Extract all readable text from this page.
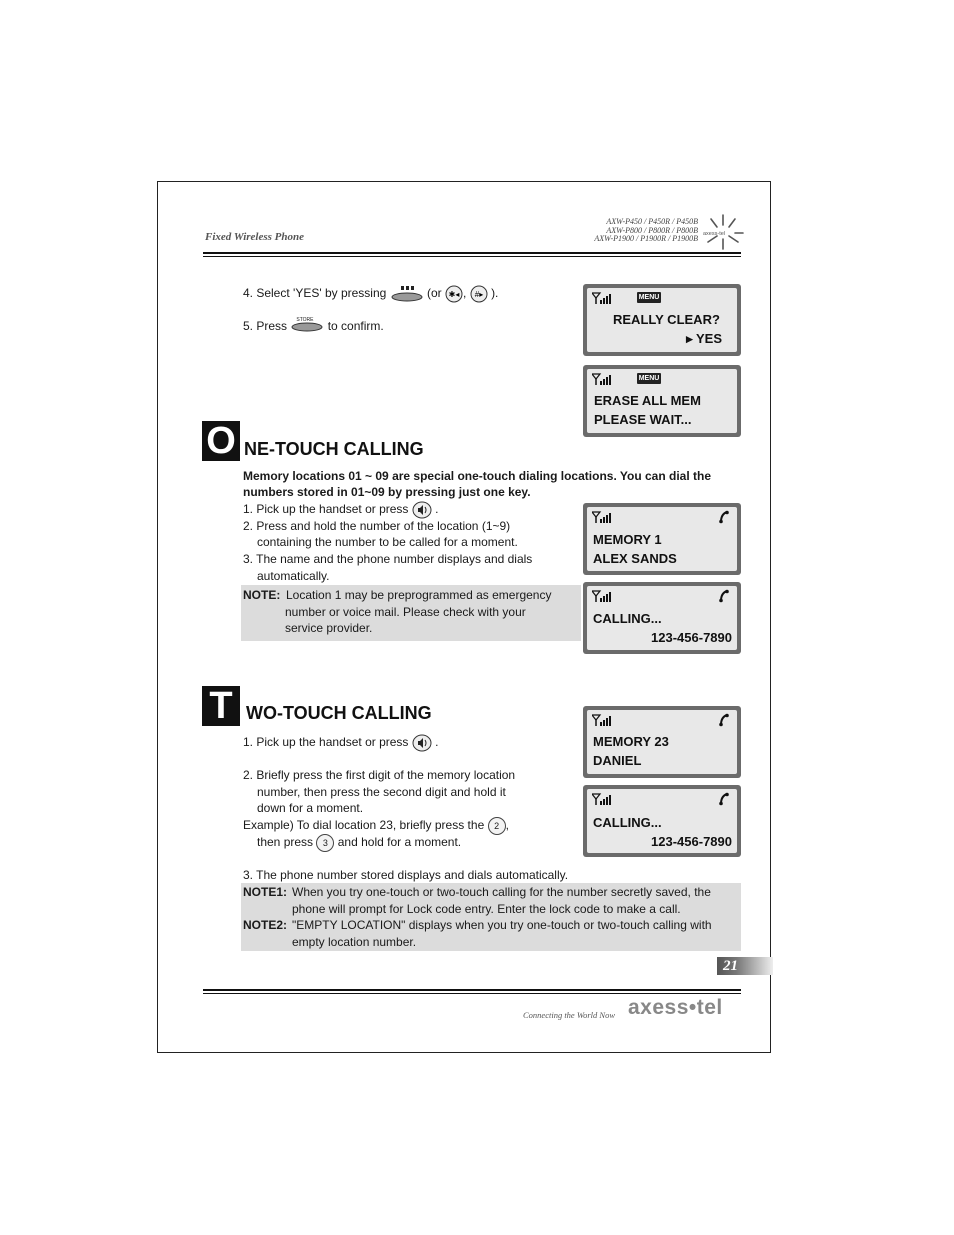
Fixed Wireless Phone
AXW-P450 / P450R / P450B
AXW-P800 / P800R / P800B
AXW-P1900 / P1900R / P1900B axess-tel
4. Select 'YES' by pressing	(or ✱◂ , #▸ ).
5. Press STORE to confirm.
MENU
REALLY CLEAR?
▸ YES
MENU
ERASE ALL MEM
PLEASE WAIT...
O NE-TOUCH CALLING
Memory locations 01 ~ 09 are special one-touch dialing locations. You can dial the
numbers stored in 01~09 by pressing just one key.
1. Pick up the handset or press .
2. Press and hold the number of the location (1~9)
containing the number to be called for a moment.
3. The name and the phone number displays and dials
automatically.
NOTE: Location 1 may be preprogrammed as emergency
number or voice mail. Please check with your
service provider.
MEMORY 1
ALEX SANDS
CALLING...
123-456-7890
T WO-TOUCH CALLING
1. Pick up the handset or press .
2. Briefly press the first digit of the memory location
number, then press the second digit and hold it
down for a moment.
Example) To dial location 23, briefly press the 2 ,
then press 3 and hold for a moment.
3. The phone number stored displays and dials automatically.
NOTE1: When you try one-touch or two-touch calling for the number secretly saved, the
phone will prompt for Lock code entry. Enter the lock code to make a call.
NOTE2: "EMPTY LOCATION" displays when you try one-touch or two-touch calling with
empty location number.
MEMORY 23
DANIEL
CALLING...
123-456-7890
21
Connecting the World Now axess•tel
